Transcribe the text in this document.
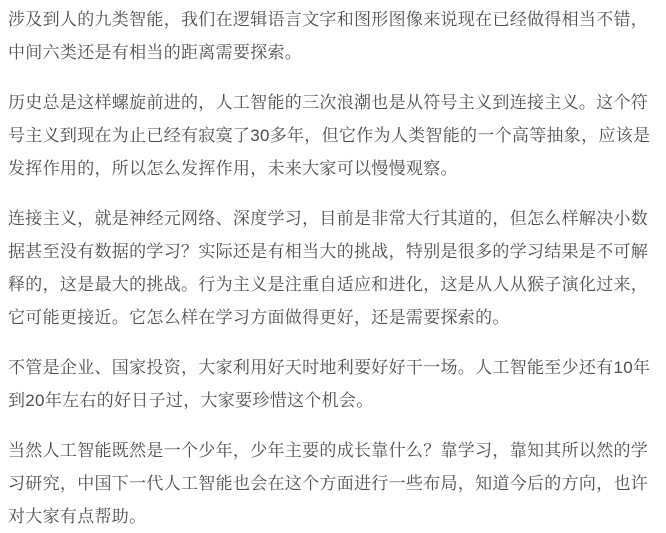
涉及到人的九类智能，我们在逻辑语言文字和图形图像来说现在已经做得相当不错，中间六类还是有相当的距离需要探索。

历史总是这样螺旋前进的，人工智能的三次浪潮也是从符号主义到连接主义。这个符号主义到现在为止已经有寂寞了30多年，但它作为人类智能的一个高等抽象，应该是发挥作用的，所以怎么发挥作用，未来大家可以慢慢观察。

连接主义，就是神经元网络、深度学习，目前是非常大行其道的，但怎么样解决小数据甚至没有数据的学习？实际还是有相当大的挑战，特别是很多的学习结果是不可解释的，这是最大的挑战。行为主义是注重自适应和进化，这是从人从猴子演化过来，它可能更接近。它怎么样在学习方面做得更好，还是需要探索的。

不管是企业、国家投资，大家利用好天时地利要好好干一场。人工智能至少还有10年到20年左右的好日子过，大家要珍惜这个机会。

当然人工智能既然是一个少年，少年主要的成长靠什么？靠学习，靠知其所以然的学习研究，中国下一代人工智能也会在这个方面进行一些布局，知道今后的方向，也许对大家有点帮助。
